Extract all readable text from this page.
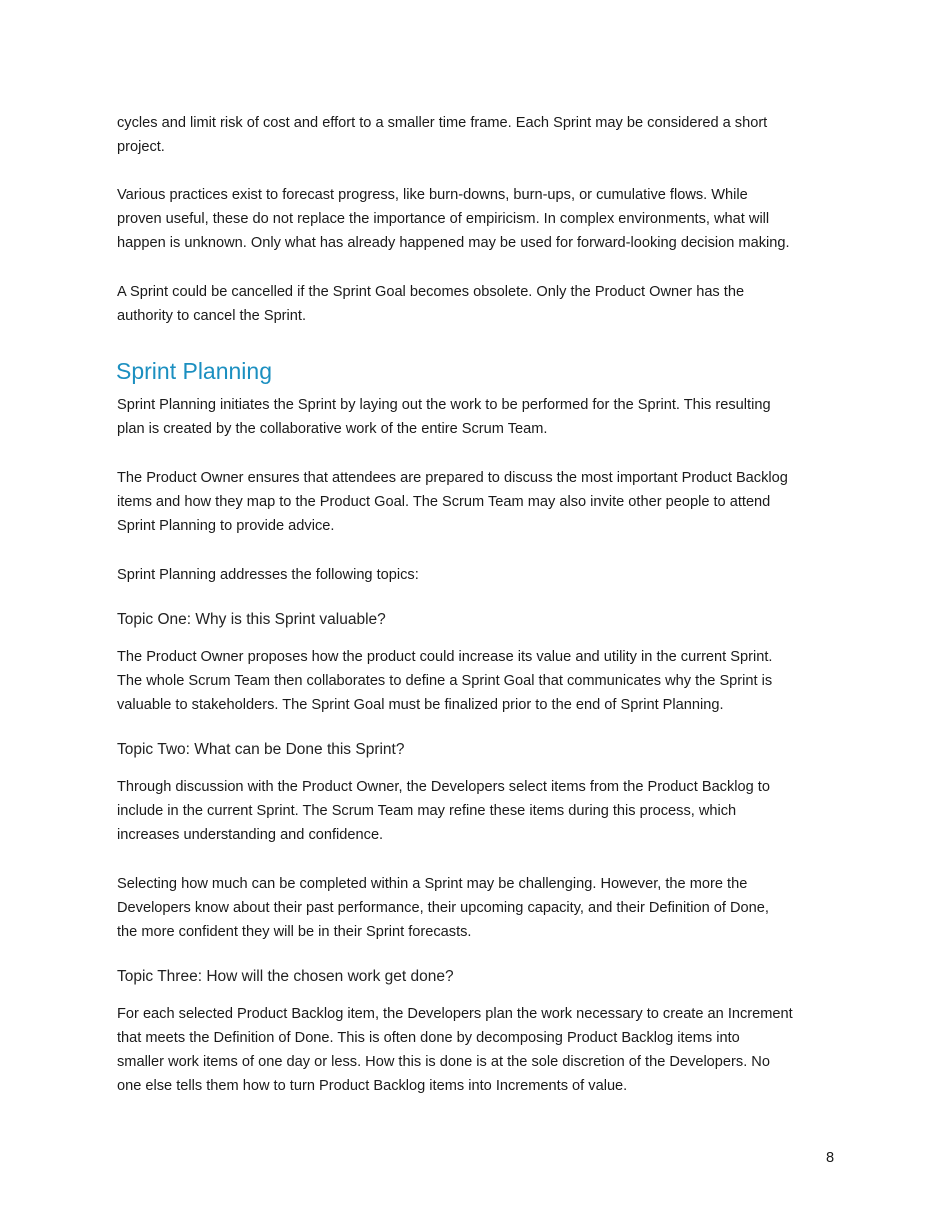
cycles and limit risk of cost and effort to a smaller time frame. Each Sprint may be considered a short
project.
Various practices exist to forecast progress, like burn-downs, burn-ups, or cumulative flows. While
proven useful, these do not replace the importance of empiricism. In complex environments, what will
happen is unknown. Only what has already happened may be used for forward-looking decision making.
A Sprint could be cancelled if the Sprint Goal becomes obsolete. Only the Product Owner has the
authority to cancel the Sprint.
Sprint Planning
Sprint Planning initiates the Sprint by laying out the work to be performed for the Sprint. This resulting
plan is created by the collaborative work of the entire Scrum Team.
The Product Owner ensures that attendees are prepared to discuss the most important Product Backlog
items and how they map to the Product Goal. The Scrum Team may also invite other people to attend
Sprint Planning to provide advice.
Sprint Planning addresses the following topics:
Topic One: Why is this Sprint valuable?
The Product Owner proposes how the product could increase its value and utility in the current Sprint.
The whole Scrum Team then collaborates to define a Sprint Goal that communicates why the Sprint is
valuable to stakeholders. The Sprint Goal must be finalized prior to the end of Sprint Planning.
Topic Two: What can be Done this Sprint?
Through discussion with the Product Owner, the Developers select items from the Product Backlog to
include in the current Sprint. The Scrum Team may refine these items during this process, which
increases understanding and confidence.
Selecting how much can be completed within a Sprint may be challenging. However, the more the
Developers know about their past performance, their upcoming capacity, and their Definition of Done,
the more confident they will be in their Sprint forecasts.
Topic Three: How will the chosen work get done?
For each selected Product Backlog item, the Developers plan the work necessary to create an Increment
that meets the Definition of Done. This is often done by decomposing Product Backlog items into
smaller work items of one day or less. How this is done is at the sole discretion of the Developers. No
one else tells them how to turn Product Backlog items into Increments of value.
8
